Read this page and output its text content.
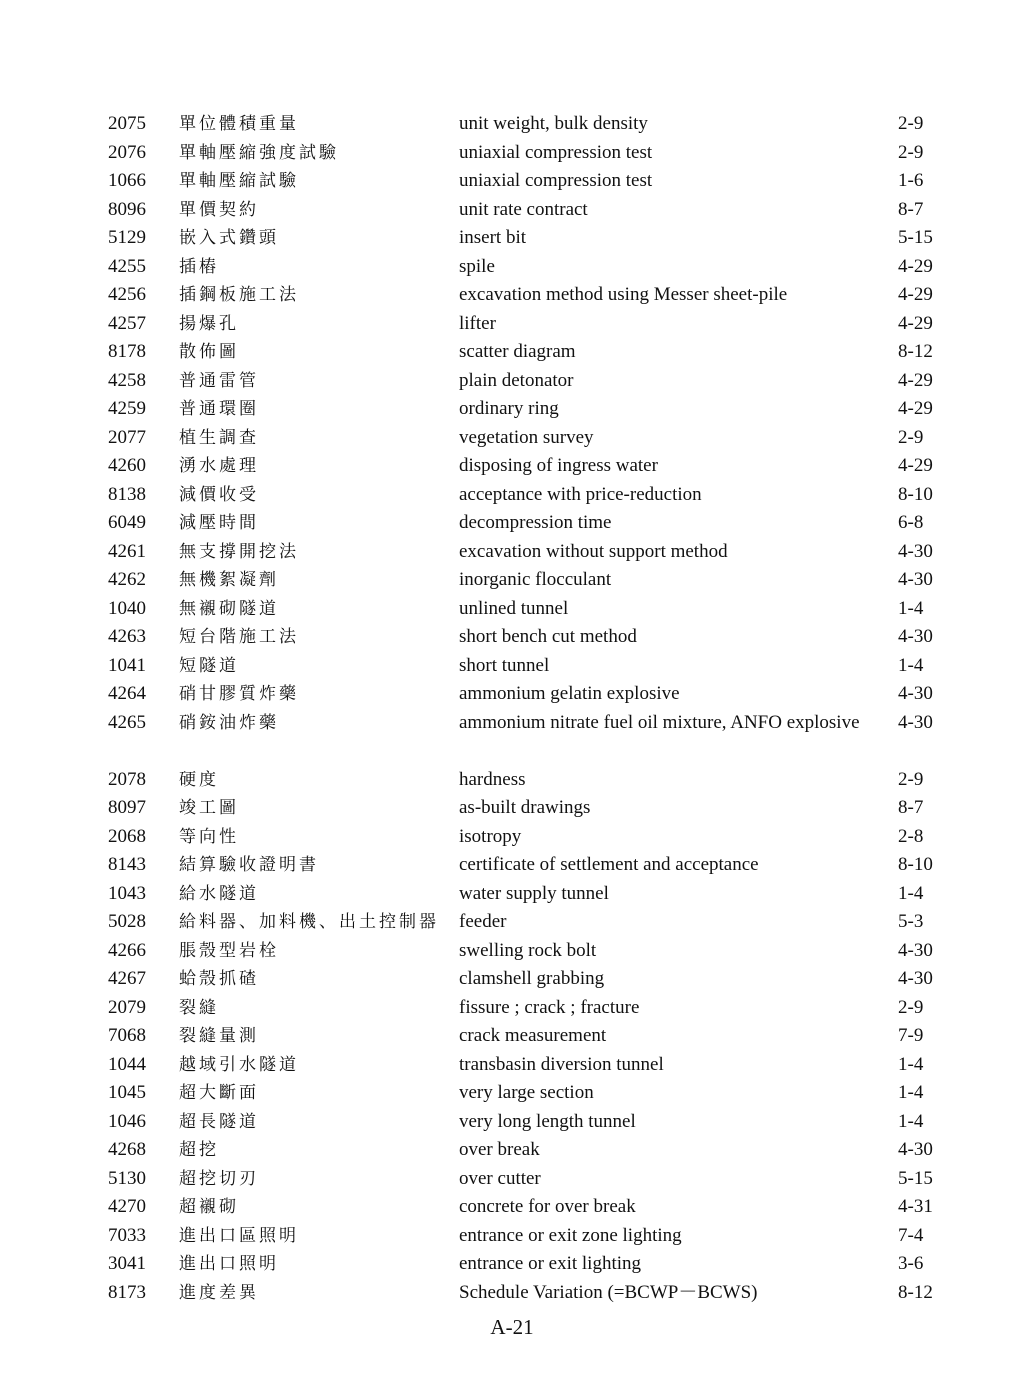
2075 單位體積重量	unit weight, bulk density	2-9
2076 單軸壓縮強度試驗	uniaxial compression test	2-9
1066 單軸壓縮試驗	uniaxial compression test	1-6
8096 單價契約	unit rate contract	8-7
5129 嵌入式鑽頭	insert bit	5-15
4255 插樁	spile	4-29
4256 插鋼板施工法	excavation method using Messer sheet-pile	4-29
4257 揚爆孔	lifter	4-29
8178 散佈圖	scatter diagram	8-12
4258 普通雷管	plain detonator	4-29
4259 普通環圈	ordinary ring	4-29
2077 植生調查	vegetation survey	2-9
4260 湧水處理	disposing of ingress water	4-29
8138 減價收受	acceptance with price-reduction	8-10
6049 減壓時間	decompression time	6-8
4261 無支撐開挖法	excavation without support method	4-30
4262 無機絮凝劑	inorganic flocculant	4-30
1040 無襯砌隧道	unlined tunnel	1-4
4263 短台階施工法	short bench cut method	4-30
1041 短隧道	short tunnel	1-4
4264 硝甘膠質炸藥	ammonium gelatin explosive	4-30
4265 硝銨油炸藥	ammonium nitrate fuel oil mixture, ANFO explosive	4-30
2078 硬度	hardness	2-9
8097 竣工圖	as-built drawings	8-7
2068 等向性	isotropy	2-8
8143 結算驗收證明書	certificate of settlement and acceptance	8-10
1043 給水隧道	water supply tunnel	1-4
5028 給料器、加料機、出土控制器 feeder	5-3
4266 脹殼型岩栓	swelling rock bolt	4-30
4267 蛤殼抓碴	clamshell grabbing	4-30
2079 裂縫	fissure ; crack ; fracture	2-9
7068 裂縫量測	crack measurement	7-9
1044 越域引水隧道	transbasin diversion tunnel	1-4
1045 超大斷面	very large section	1-4
1046 超長隧道	very long length tunnel	1-4
4268 超挖	over break	4-30
5130 超挖切刃	over cutter	5-15
4270 超襯砌	concrete for over break	4-31
7033 進出口區照明	entrance or exit zone lighting	7-4
3041 進出口照明	entrance or exit lighting	3-6
8173 進度差異	Schedule Variation (=BCWP－BCWS)	8-12
A-21
